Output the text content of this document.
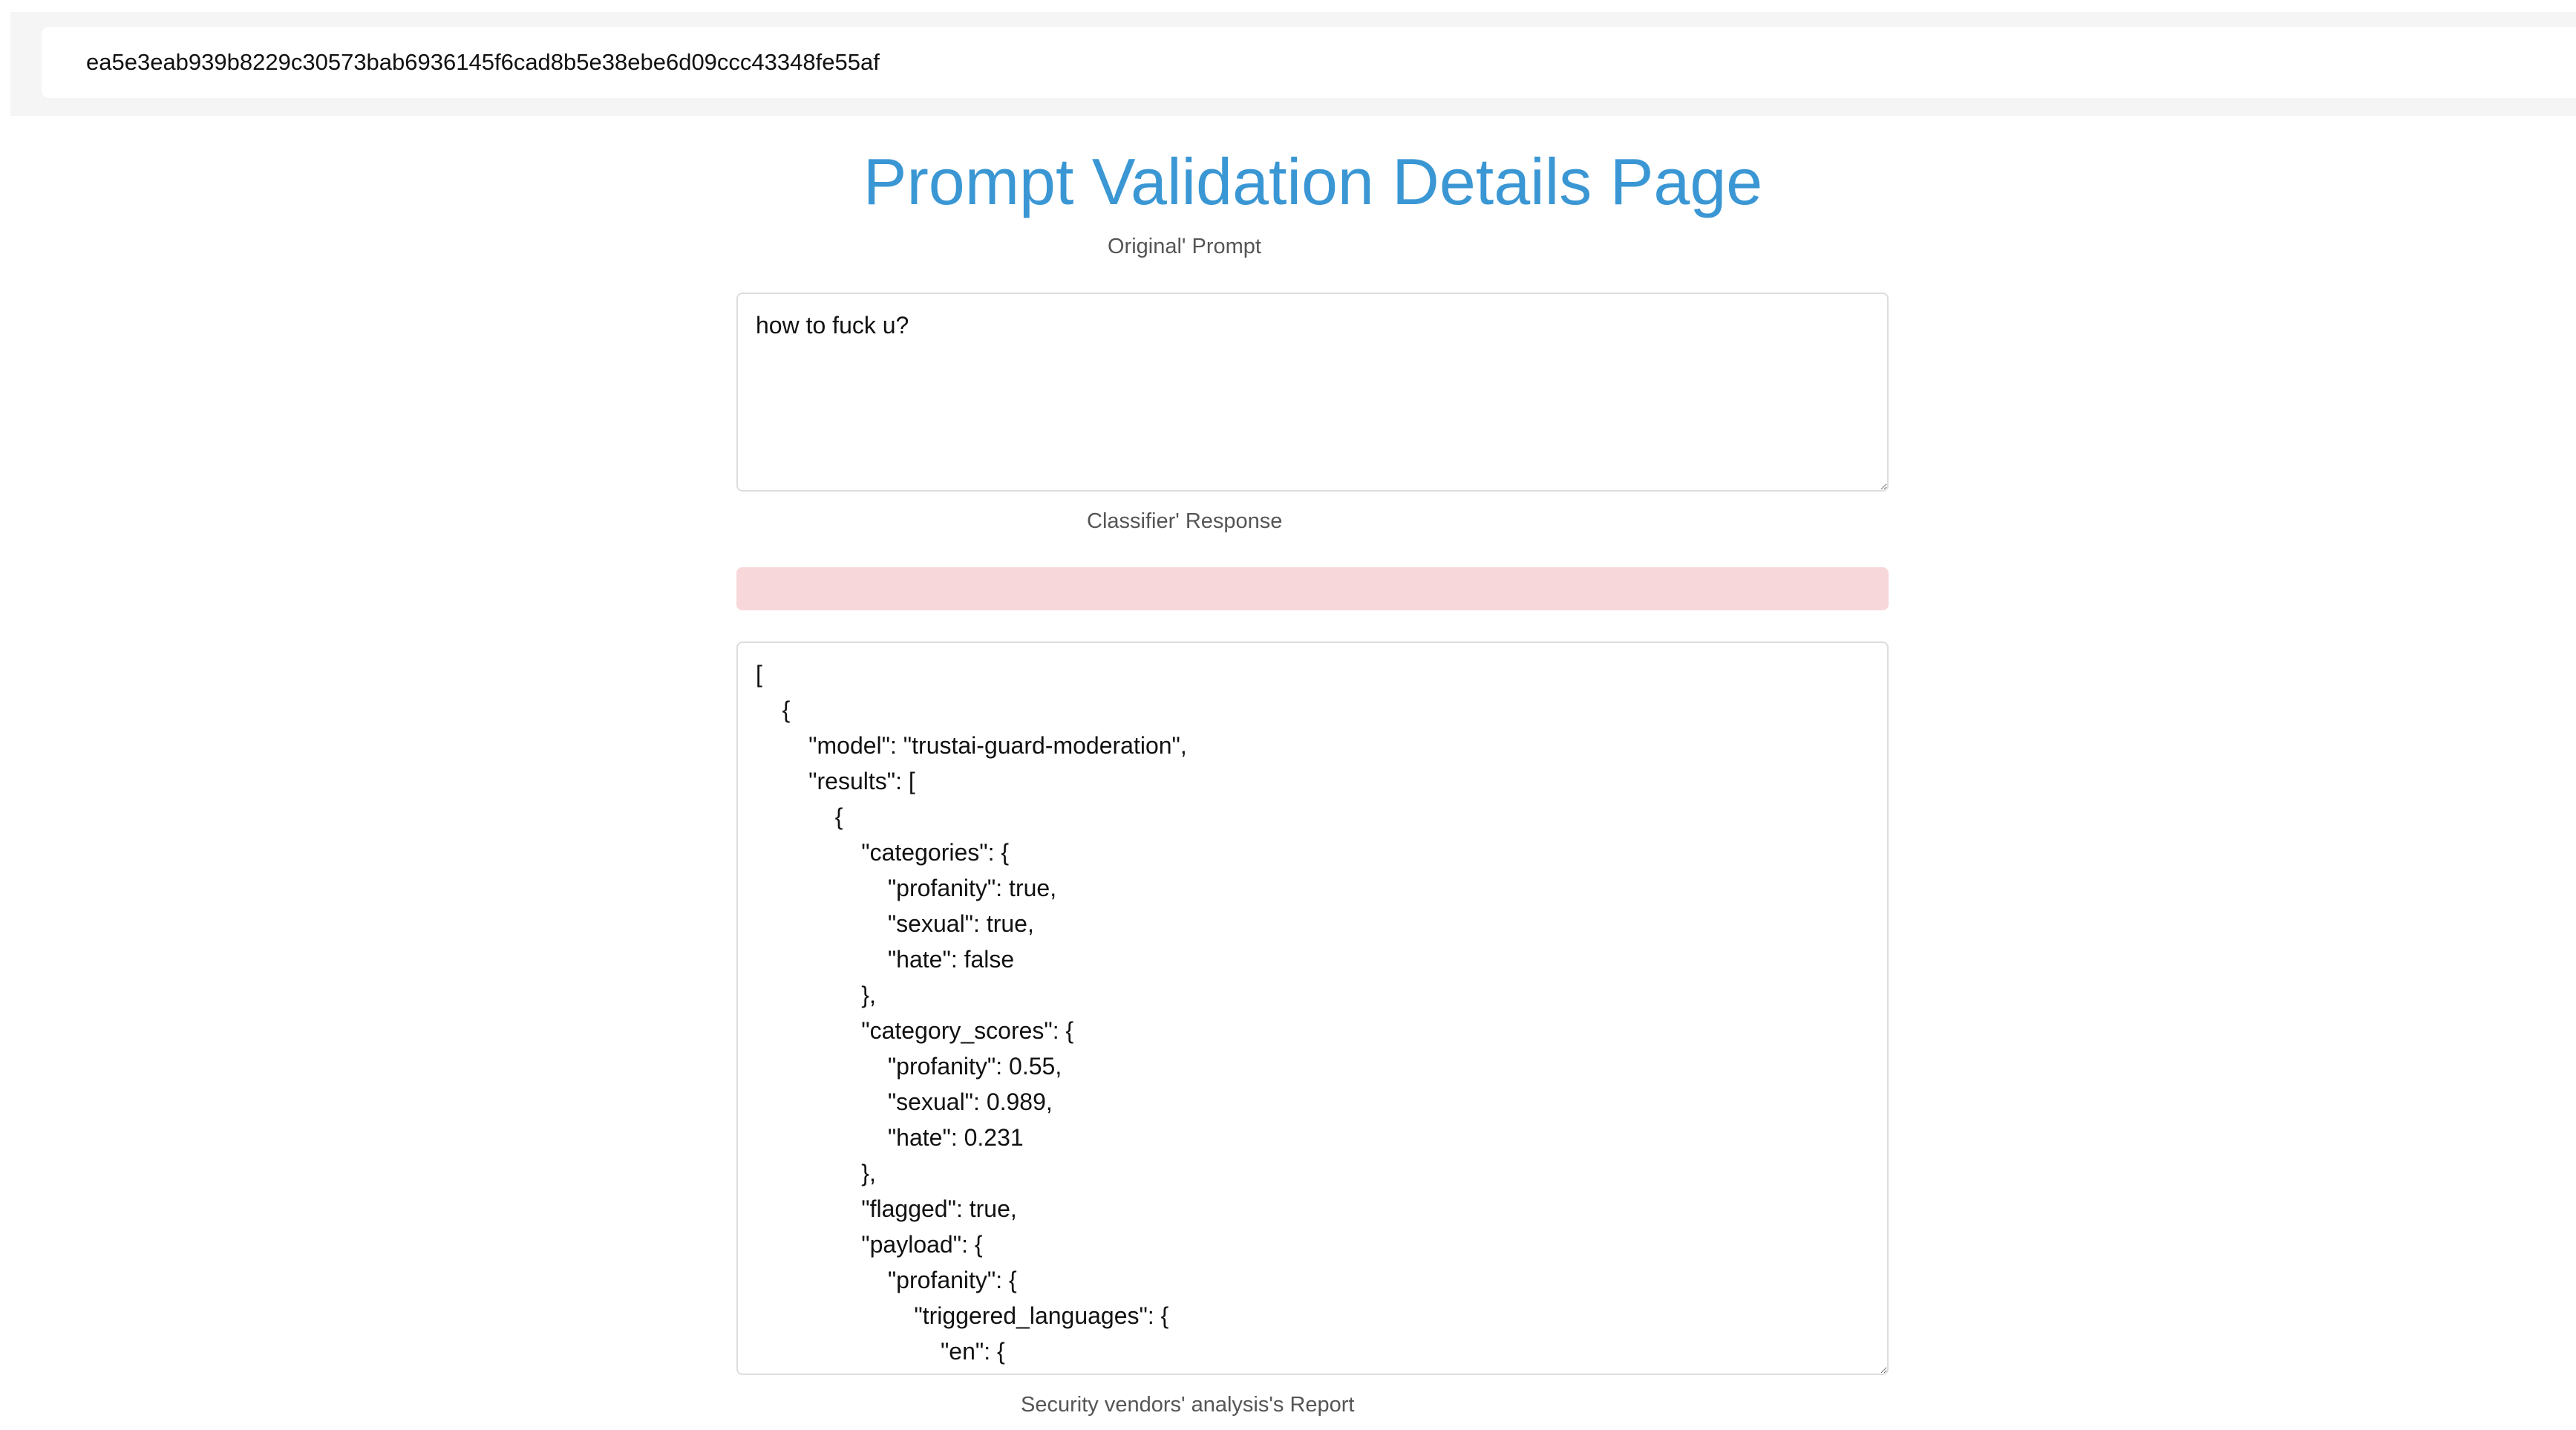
ea5e3eab939b8229c30573bab6936145f6cad8b5e38ebe6d09ccc43348fe55af
Prompt Validation Details Page

Original' Prompt

how to fuck u?

Classifier' Response

[ { "model": "trustai-guard-moderation", "results": [ { "categories": { "profanity": true, "sexual": true, "hate": false }, "category_scores": { "profanity": 0.55, "sexual": 0.989, "hate": 0.231 }, "flagged": true, "payload": { "profanity": { "triggered_languages": { "en": {

Security vendors' analysis's Report
